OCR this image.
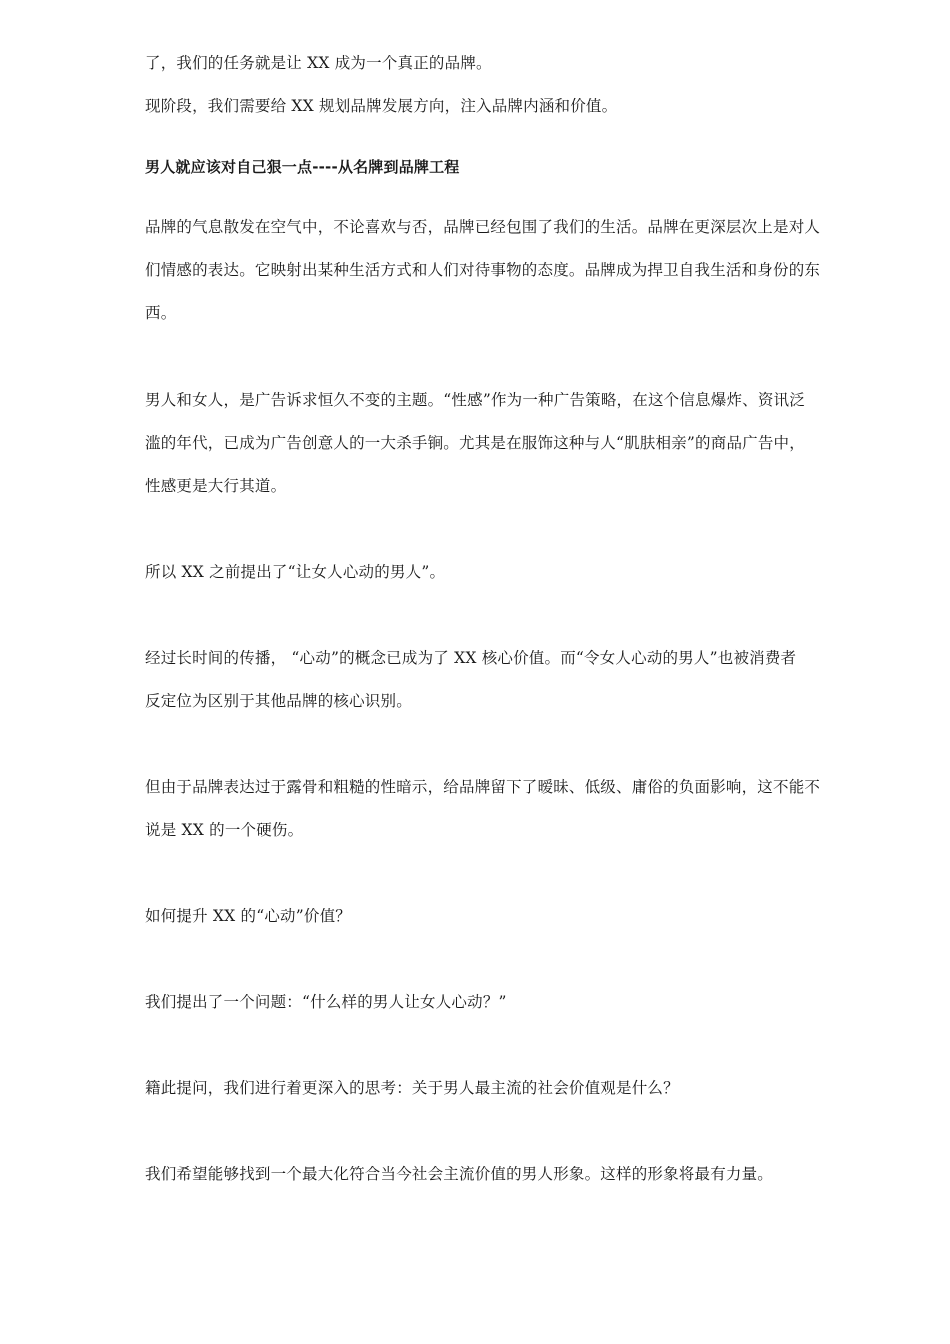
了，我们的任务就是让 XX 成为一个真正的品牌。
现阶段，我们需要给 XX 规划品牌发展方向，注入品牌内涵和价值。
男人就应该对自己狠一点----从名牌到品牌工程
品牌的气息散发在空气中，不论喜欢与否，品牌已经包围了我们的生活。品牌在更深层次上是对人
们情感的表达。它映射出某种生活方式和人们对待事物的态度。品牌成为捍卫自我生活和身份的东
西。
男人和女人，是广告诉求恒久不变的主题。“性感”作为一种广告策略，在这个信息爆炸、资讯泛
滥的年代，已成为广告创意人的一大杀手锏。尤其是在服饰这种与人“肌肤相亲”的商品广告中，
性感更是大行其道。
所以 XX 之前提出了“让女人心动的男人”。
经过长时间的传播， “心动”的概念已成为了 XX 核心价值。而“令女人心动的男人”也被消费者
反定位为区别于其他品牌的核心识别。
但由于品牌表达过于露骨和粗糙的性暗示，给品牌留下了暧昧、低级、庸俗的负面影响，这不能不
说是 XX 的一个硬伤。
如何提升 XX 的“心动”价值？
我们提出了一个问题：“什么样的男人让女人心动？”
籍此提问，我们进行着更深入的思考：关于男人最主流的社会价值观是什么？
我们希望能够找到一个最大化符合当今社会主流价值的男人形象。这样的形象将最有力量。
